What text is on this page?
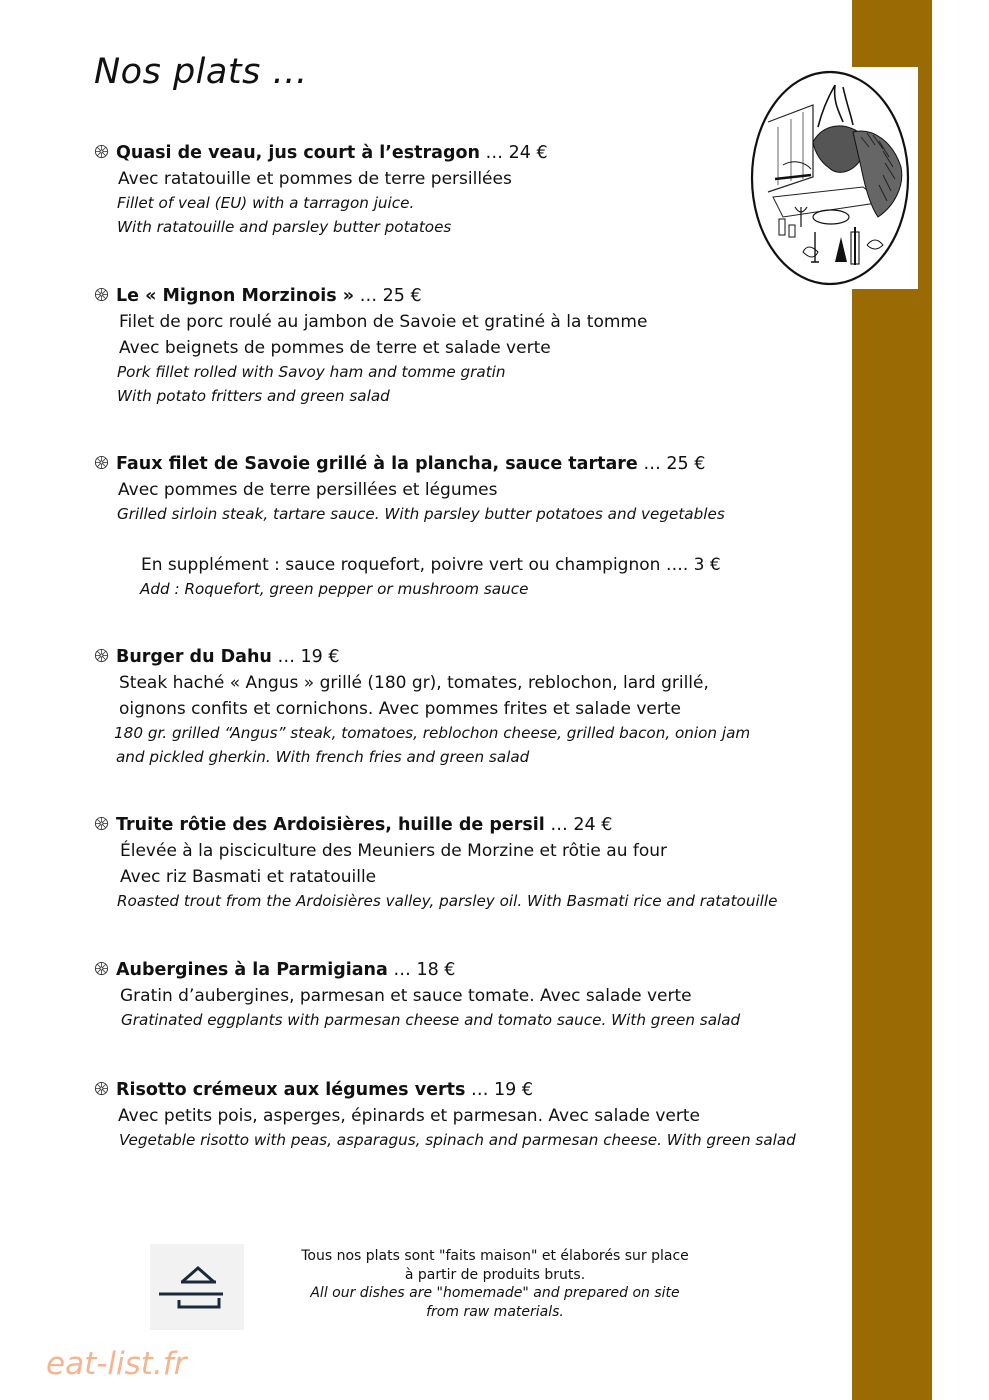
Nos plats …
Quasi de veau, jus court à l’estragon … 24 €
Avec ratatouille et pommes de terre persillées
Fillet of veal (EU) with a tarragon juice.
With ratatouille and parsley butter potatoes
Le « Mignon Morzinois » … 25 €
Filet de porc roulé au jambon de Savoie et gratiné à la tomme
Avec beignets de pommes de terre et salade verte
Pork fillet rolled with Savoy ham and tomme gratin
With potato fritters and green salad
Faux filet de Savoie grillé à la plancha, sauce tartare … 25 €
Avec pommes de terre persillées et légumes
Grilled sirloin steak, tartare sauce. With parsley butter potatoes and vegetables
En supplément : sauce roquefort, poivre vert ou champignon …. 3 €
Add : Roquefort, green pepper or mushroom sauce
Burger du Dahu … 19 €
Steak haché « Angus » grillé (180 gr), tomates, reblochon, lard grillé,
oignons confits et cornichons. Avec pommes frites et salade verte
180 gr. grilled “Angus” steak, tomatoes, reblochon cheese, grilled bacon, onion jam
and pickled gherkin. With french fries and green salad
Truite rôtie des Ardoisières, huille de persil … 24 €
Élevée à la pisciculture des Meuniers de Morzine et rôtie au four
Avec riz Basmati et ratatouille
Roasted trout from the Ardoisières valley, parsley oil. With Basmati rice and ratatouille
Aubergines à la Parmigiana … 18 €
Gratin d’aubergines, parmesan et sauce tomate. Avec salade verte
Gratinated eggplants with parmesan cheese and tomato sauce. With green salad
Risotto crémeux aux légumes verts … 19 €
Avec petits pois, asperges, épinards et parmesan. Avec salade verte
Vegetable risotto with peas, asparagus, spinach and parmesan cheese. With green salad
Tous nos plats sont "faits maison" et élaborés sur place
à partir de produits bruts.
All our dishes are "homemade" and prepared on site
from raw materials.
eat-list.fr
